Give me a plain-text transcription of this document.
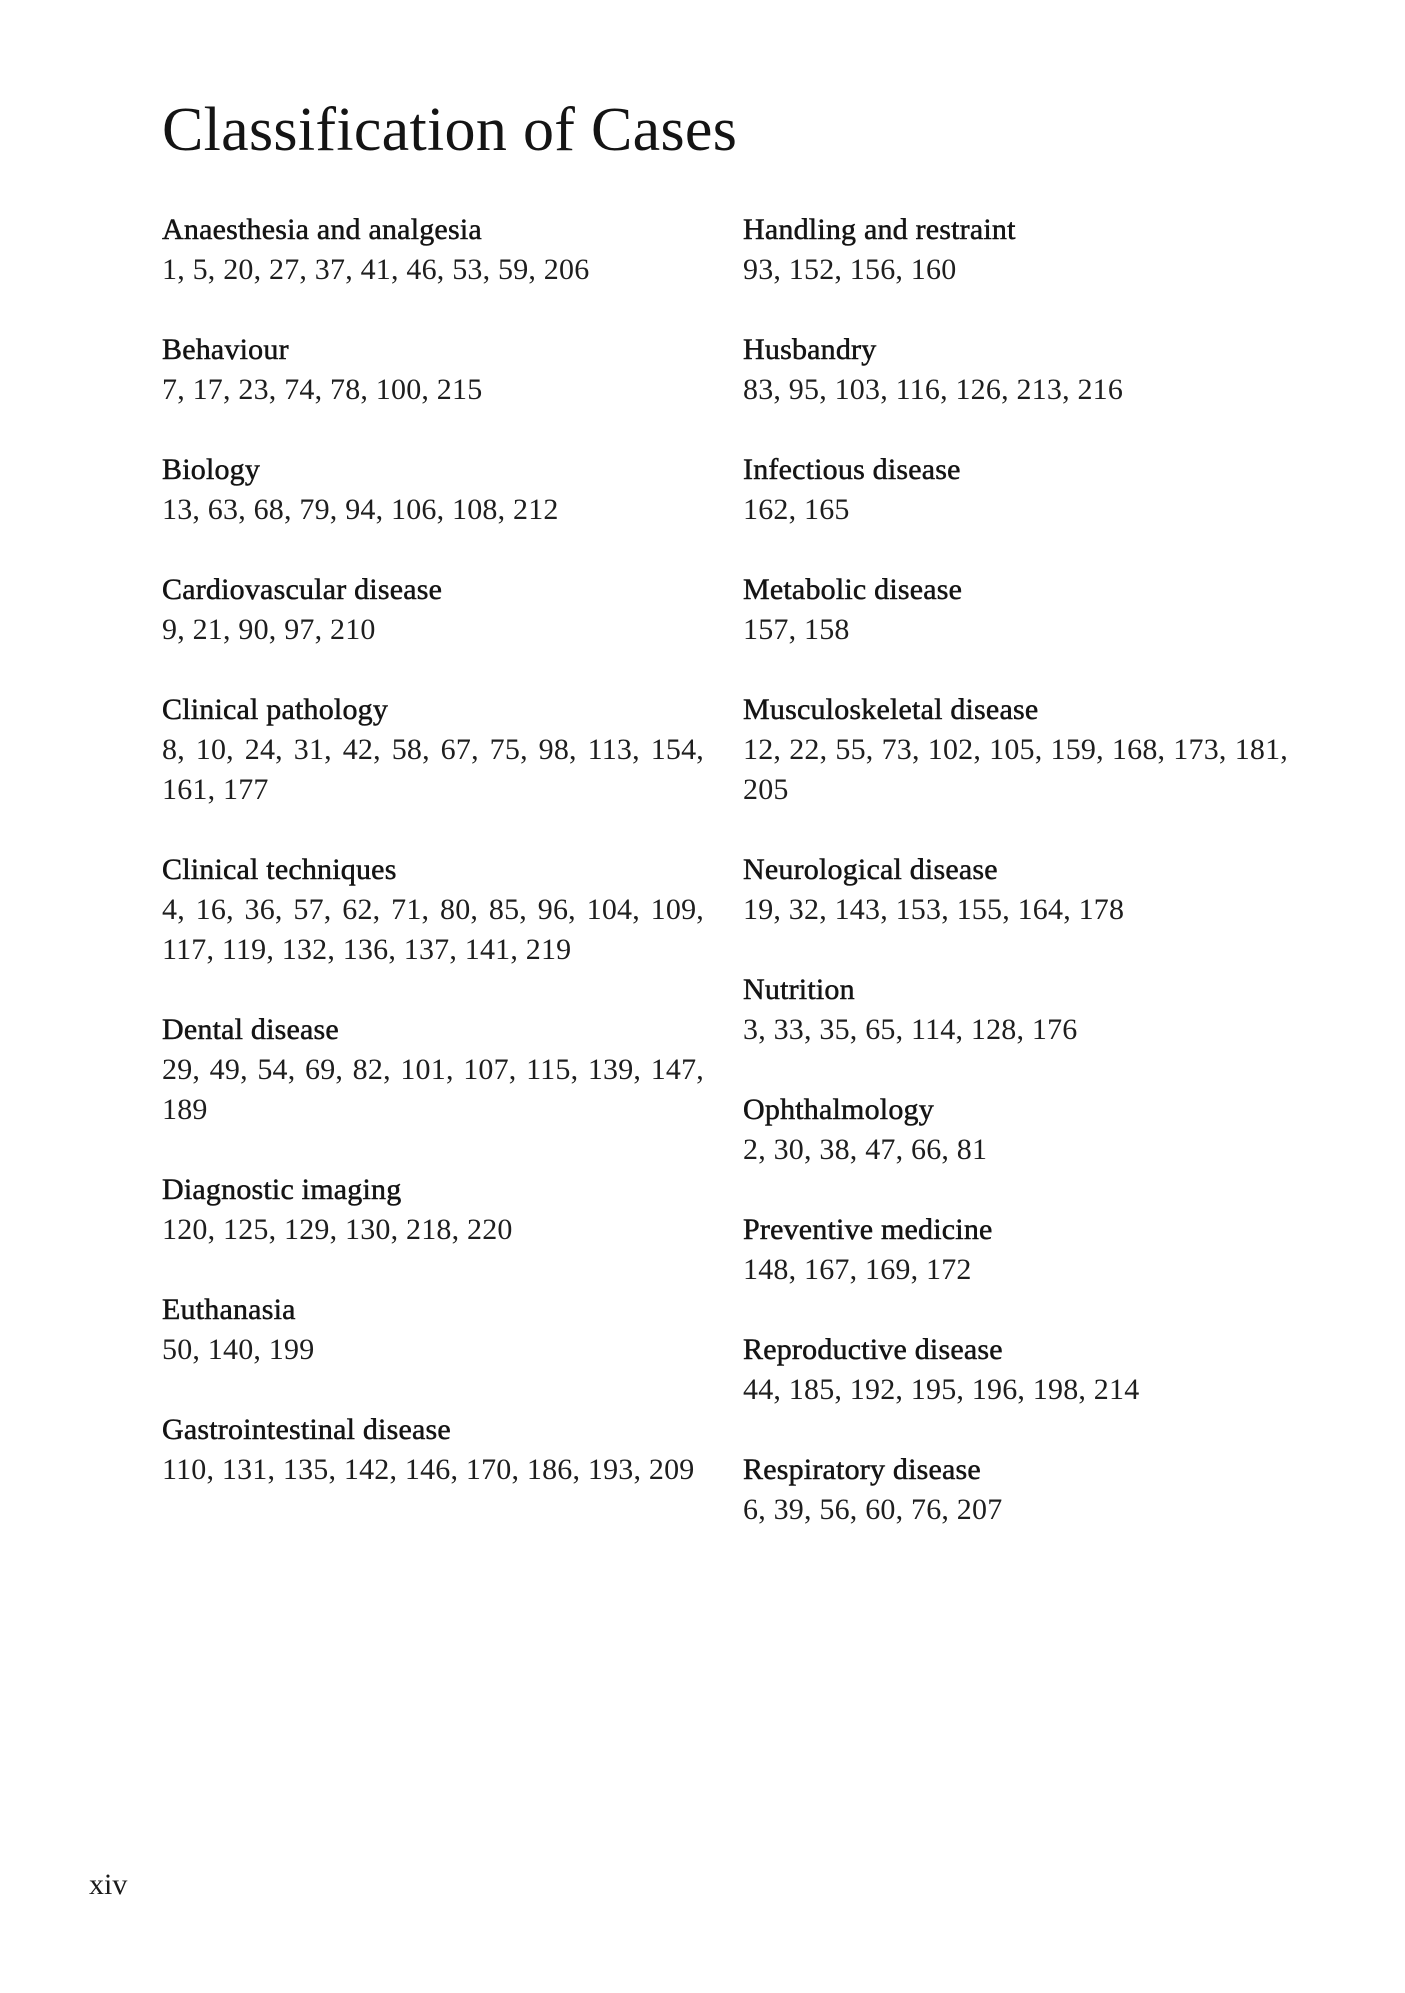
Classification of Cases
Anaesthesia and analgesia
1, 5, 20, 27, 37, 41, 46, 53, 59, 206
Behaviour
7, 17, 23, 74, 78, 100, 215
Biology
13, 63, 68, 79, 94, 106, 108, 212
Cardiovascular disease
9, 21, 90, 97, 210
Clinical pathology
8, 10, 24, 31, 42, 58, 67, 75, 98, 113, 154, 161, 177
Clinical techniques
4, 16, 36, 57, 62, 71, 80, 85, 96, 104, 109, 117, 119, 132, 136, 137, 141, 219
Dental disease
29, 49, 54, 69, 82, 101, 107, 115, 139, 147, 189
Diagnostic imaging
120, 125, 129, 130, 218, 220
Euthanasia
50, 140, 199
Gastrointestinal disease
110, 131, 135, 142, 146, 170, 186, 193, 209
Handling and restraint
93, 152, 156, 160
Husbandry
83, 95, 103, 116, 126, 213, 216
Infectious disease
162, 165
Metabolic disease
157, 158
Musculoskeletal disease
12, 22, 55, 73, 102, 105, 159, 168, 173, 181, 205
Neurological disease
19, 32, 143, 153, 155, 164, 178
Nutrition
3, 33, 35, 65, 114, 128, 176
Ophthalmology
2, 30, 38, 47, 66, 81
Preventive medicine
148, 167, 169, 172
Reproductive disease
44, 185, 192, 195, 196, 198, 214
Respiratory disease
6, 39, 56, 60, 76, 207
xiv
